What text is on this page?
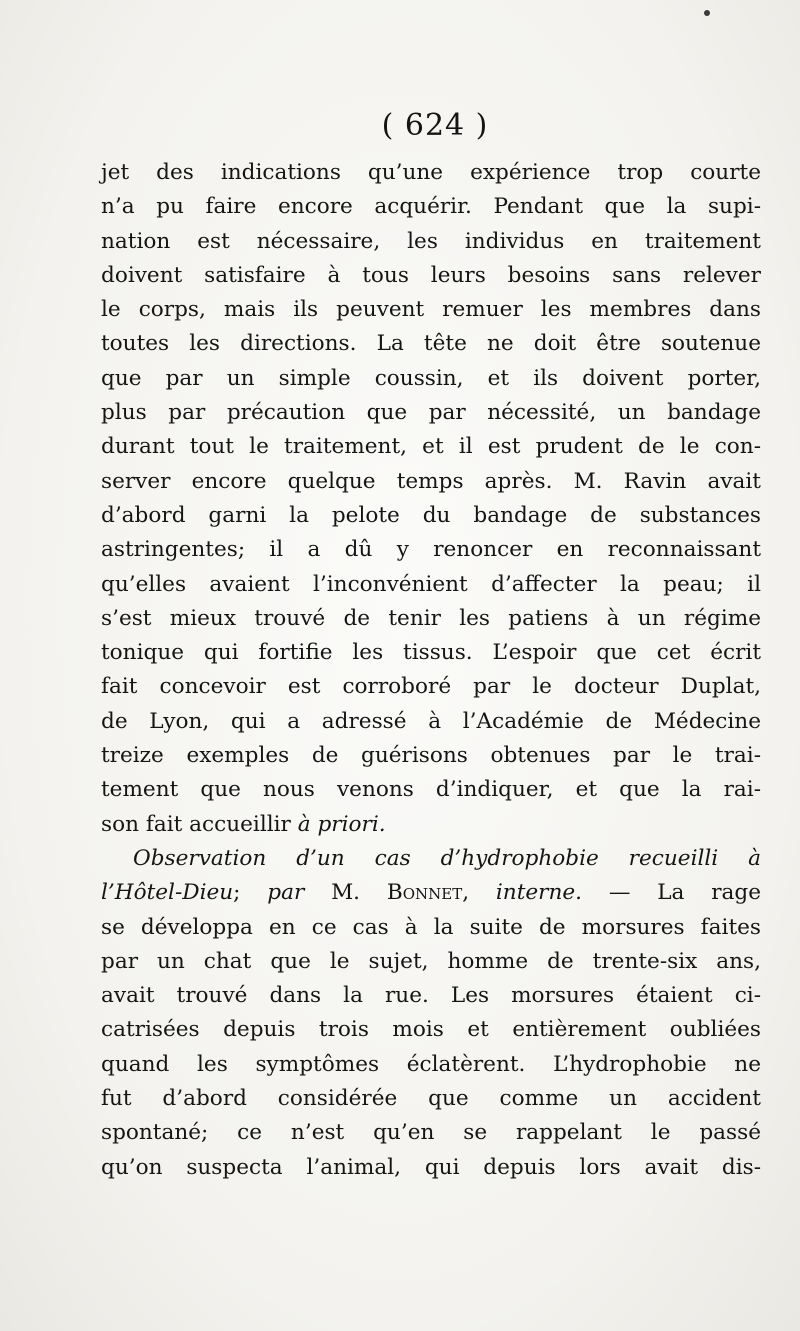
( 624 )
jet des indications qu’une expérience trop courte
n’a pu faire encore acquérir. Pendant que la supi-
nation est nécessaire, les individus en traitement
doivent satisfaire à tous leurs besoins sans relever
le corps, mais ils peuvent remuer les membres dans
toutes les directions. La tête ne doit être soutenue
que par un simple coussin, et ils doivent porter,
plus par précaution que par nécessité, un bandage
durant tout le traitement, et il est prudent de le con-
server encore quelque temps après. M. Ravin avait
d’abord garni la pelote du bandage de substances
astringentes; il a dû y renoncer en reconnaissant
qu’elles avaient l’inconvénient d’affecter la peau; il
s’est mieux trouvé de tenir les patiens à un régime
tonique qui fortifie les tissus. L’espoir que cet écrit
fait concevoir est corroboré par le docteur Duplat,
de Lyon, qui a adressé à l’Académie de Médecine
treize exemples de guérisons obtenues par le trai-
tement que nous venons d’indiquer, et que la rai-
son fait accueillir à priori.
Observation d’un cas d’hydrophobie recueilli à
l’Hôtel-Dieu; par M. Bonnet, interne. — La rage
se développa en ce cas à la suite de morsures faites
par un chat que le sujet, homme de trente-six ans,
avait trouvé dans la rue. Les morsures étaient ci-
catrisées depuis trois mois et entièrement oubliées
quand les symptômes éclatèrent. L’hydrophobie ne
fut d’abord considérée que comme un accident
spontané; ce n’est qu’en se rappelant le passé
qu’on suspecta l’animal, qui depuis lors avait dis-
